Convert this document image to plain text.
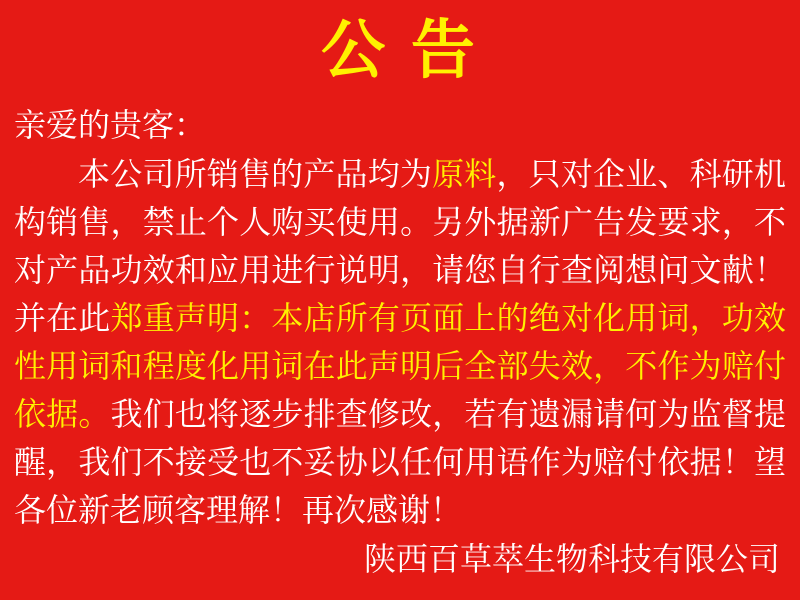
公 告
亲爱的贵客：

本公司所销售的产品均为原料，只对企业、科研机构销售，禁止个人购买使用。另外据新广告发要求，不对产品功效和应用进行说明，请您自行查阅想问文献！并在此郑重声明：本店所有页面上的绝对化用词，功效性用词和程度化用词在此声明后全部失效，不作为赔付依据。我们也将逐步排查修改，若有遗漏请何为监督提醒，我们不接受也不妥协以任何用语作为赔付依据！望各位新老顾客理解！再次感谢！

陕西百草萃生物科技有限公司
